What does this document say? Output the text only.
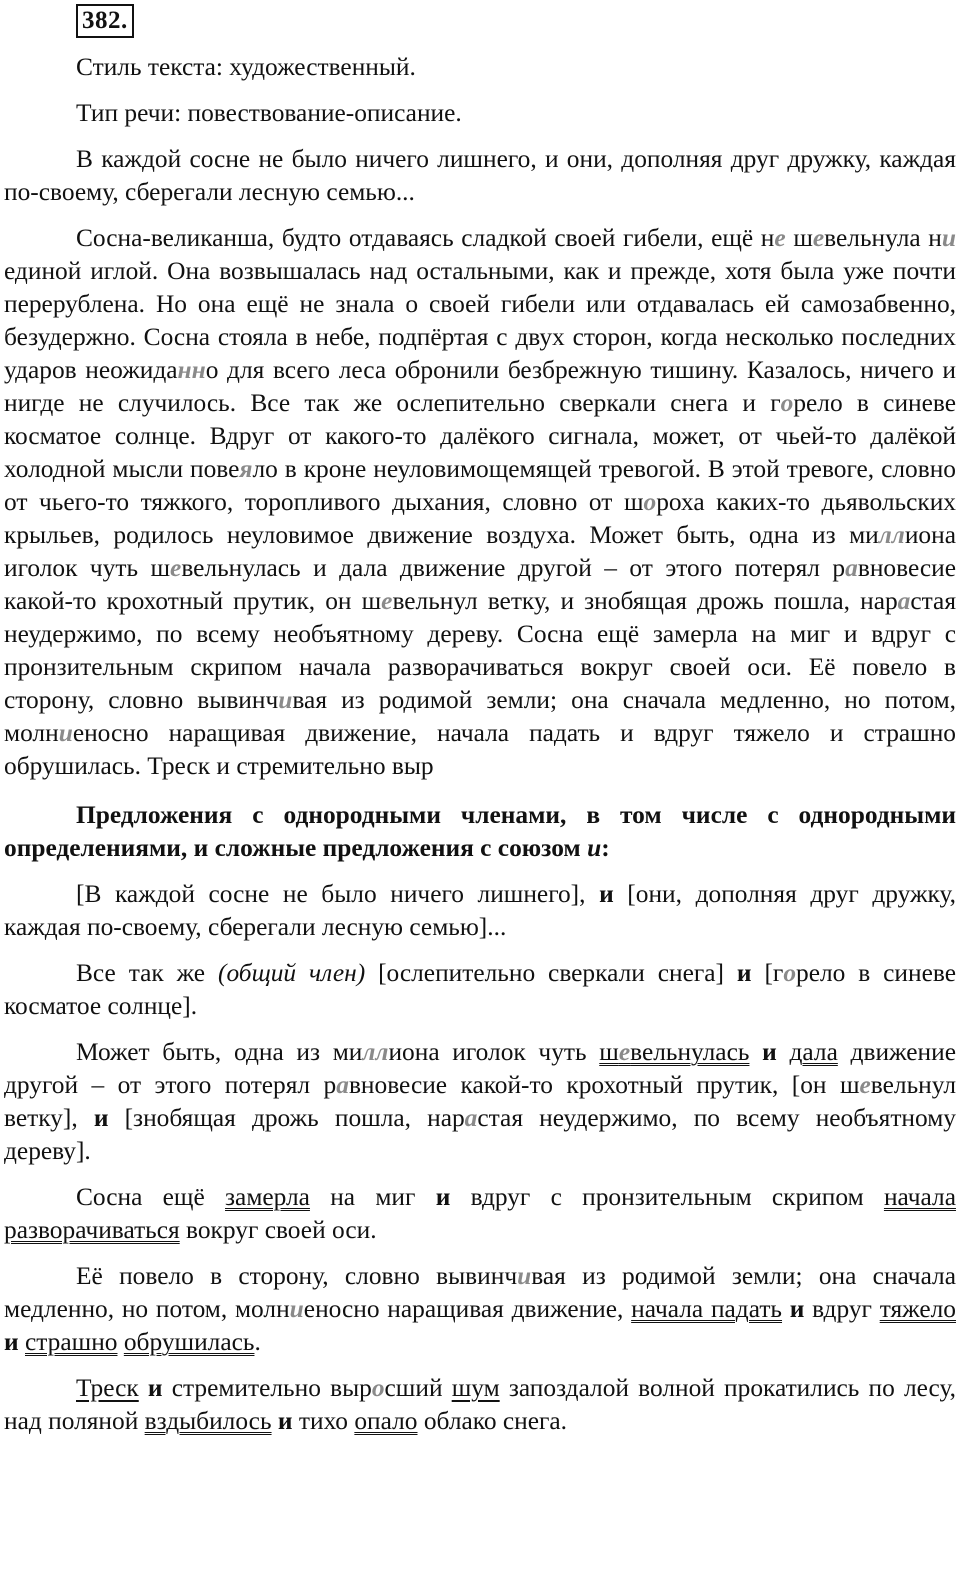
382.

Стиль текста: художественный.

Тип речи: повествование-описание.

В каждой сосне не было ничего лишнего, и они, дополняя друг дружку, каждая по-своему, сберегали лесную семью...

Сосна-великанша, будто отдаваясь сладкой своей гибели, ещё не шевельнула ни единой иглой. Она возвышалась над остальными, как и прежде, хотя была уже почти перерублена. Но она ещё не знала о своей гибели или отдавалась ей самозабвенно, безудержно. Сосна стояла в небе, подпёртая с двух сторон, когда несколько последних ударов неожиданно для всего леса обронили безбрежную тишину. Казалось, ничего и нигде не случилось. Все так же ослепительно сверкали снега и горело в синеве косматое солнце. Вдруг от какого-то далёкого сигнала, может, от чьей-то далёкой холодной мысли повеяло в кроне неуловимощемящей тревогой. В этой тревоге, словно от чьего-то тяжкого, торопливого дыхания, словно от шороха каких-то дьявольских крыльев, родилось неуловимое движение воздуха. Может быть, одна из миллиона иголок чуть шевельнулась и дала движение другой – от этого потерял равновесие какой-то крохотный прутик, он шевельнул ветку, и знобящая дрожь пошла, нарастая неудержимо, по всему необъятному дереву. Сосна ещё замерла на миг и вдруг с пронзительным скрипом начала разворачиваться вокруг своей оси. Её повело в сторону, словно вывинчивая из родимой земли; она сначала медленно, но потом, молниеносно наращивая движение, начала падать и вдруг тяжело и страшно обрушилась. Треск и стремительно выр

Предложения с однородными членами, в том числе с однородными определениями, и сложные предложения с союзом и:

[В каждой сосне не было ничего лишнего], и [они, дополняя друг дружку, каждая по-своему, сберегали лесную семью]...

Все так же (общий член) [ослепительно сверкали снега] и [горело в синеве косматое солнце].

Может быть, одна из миллиона иголок чуть шевельнулась и дала движение другой – от этого потерял равновесие какой-то крохотный прутик, [он шевельнул ветку], и [знобящая дрожь пошла, нарастая неудержимо, по всему необъятному дереву].

Сосна ещё замерла на миг и вдруг с пронзительным скрипом начала разворачиваться вокруг своей оси.

Её повело в сторону, словно вывинчивая из родимой земли; она сначала медленно, но потом, молниеносно наращивая движение, начала падать и вдруг тяжело и страшно обрушилась.

Треск и стремительно выросший шум запоздалой волной прокатились по лесу, над поляной вздыбилось и тихо опало облако снега.
